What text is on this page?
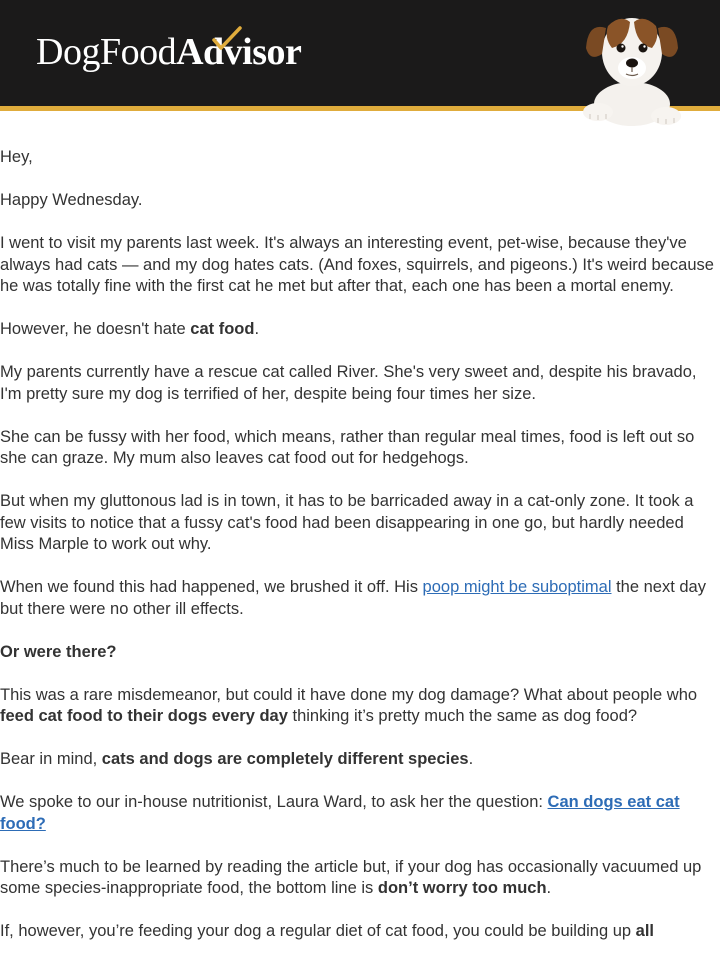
DogFoodAdvisor

Hey,

Happy Wednesday.

I went to visit my parents last week. It's always an interesting event, pet-wise, because they've always had cats — and my dog hates cats. (And foxes, squirrels, and pigeons.) It's weird because he was totally fine with the first cat he met but after that, each one has been a mortal enemy.

However, he doesn't hate cat food.

My parents currently have a rescue cat called River. She's very sweet and, despite his bravado, I'm pretty sure my dog is terrified of her, despite being four times her size.

She can be fussy with her food, which means, rather than regular meal times, food is left out so she can graze. My mum also leaves cat food out for hedgehogs.

But when my gluttonous lad is in town, it has to be barricaded away in a cat-only zone. It took a few visits to notice that a fussy cat's food had been disappearing in one go, but hardly needed Miss Marple to work out why.

When we found this had happened, we brushed it off. His poop might be suboptimal the next day but there were no other ill effects.

Or were there?

This was a rare misdemeanor, but could it have done my dog damage? What about people who feed cat food to their dogs every day thinking it’s pretty much the same as dog food?

Bear in mind, cats and dogs are completely different species.

We spoke to our in-house nutritionist, Laura Ward, to ask her the question: Can dogs eat cat food?

There’s much to be learned by reading the article but, if your dog has occasionally vacuumed up some species-inappropriate food, the bottom line is don’t worry too much.

If, however, you’re feeding your dog a regular diet of cat food, you could be building up all
